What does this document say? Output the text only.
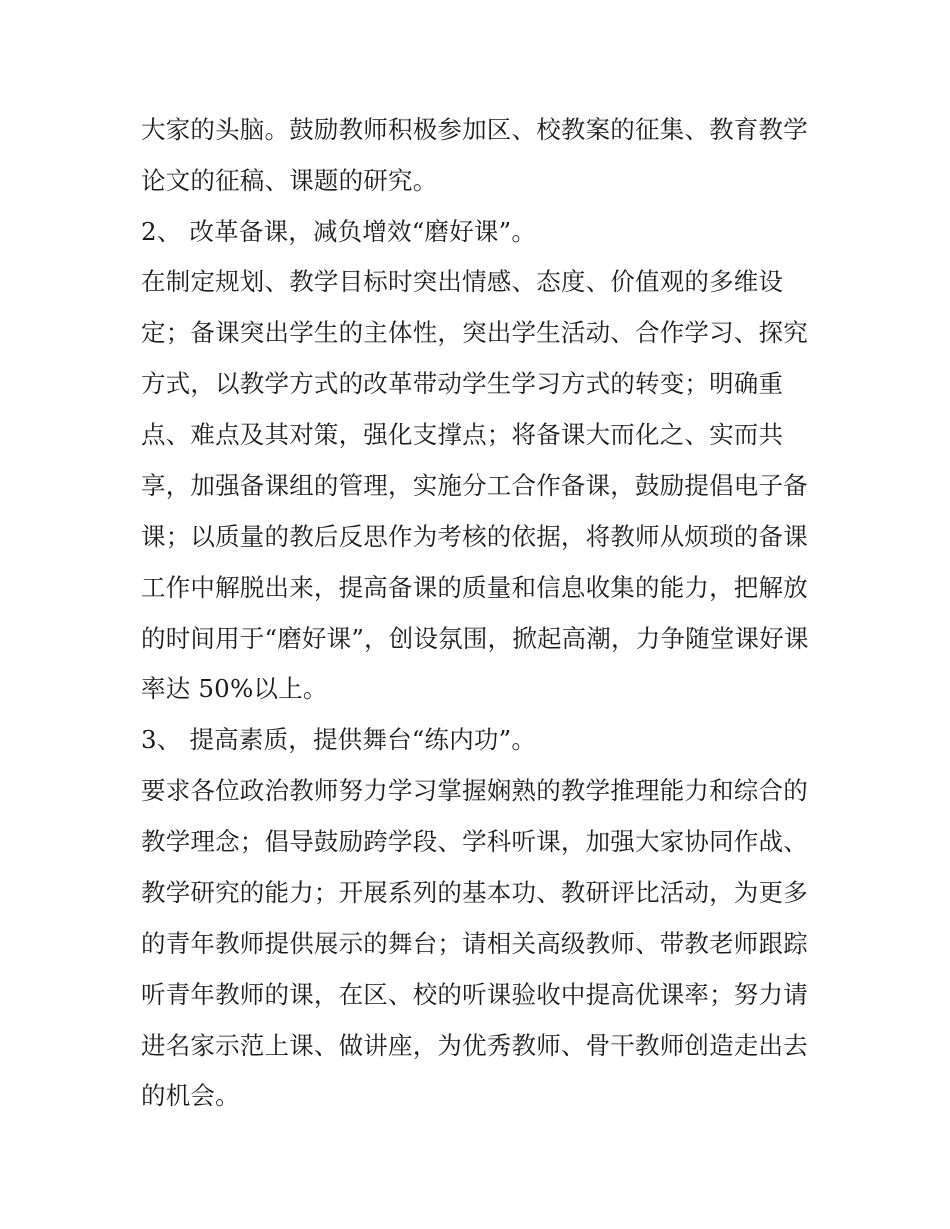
大家的头脑。鼓励教师积极参加区、校教案的征集、教育教学
论文的征稿、课题的研究。
2、 改革备课，减负增效“磨好课”。
在制定规划、教学目标时突出情感、态度、价值观的多维设
定；备课突出学生的主体性，突出学生活动、合作学习、探究
方式，以教学方式的改革带动学生学习方式的转变；明确重
点、难点及其对策，强化支撑点；将备课大而化之、实而共
享，加强备课组的管理，实施分工合作备课，鼓励提倡电子备
课；以质量的教后反思作为考核的依据，将教师从烦琐的备课
工作中解脱出来，提高备课的质量和信息收集的能力，把解放
的时间用于“磨好课”，创设氛围，掀起高潮，力争随堂课好课
率达 50%以上。
3、 提高素质，提供舞台“练内功”。
要求各位政治教师努力学习掌握娴熟的教学推理能力和综合的
教学理念；倡导鼓励跨学段、学科听课，加强大家协同作战、
教学研究的能力；开展系列的基本功、教研评比活动，为更多
的青年教师提供展示的舞台；请相关高级教师、带教老师跟踪
听青年教师的课，在区、校的听课验收中提高优课率；努力请
进名家示范上课、做讲座，为优秀教师、骨干教师创造走出去
的机会。
